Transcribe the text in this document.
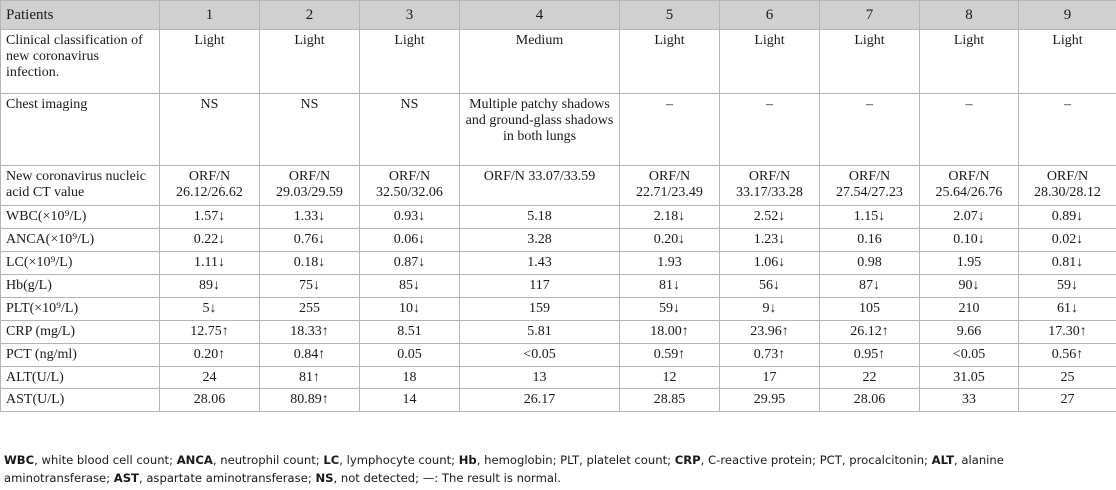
Patients	1	2	3	4	5	6	7	8	9
Clinical classification of new coronavirus infection.	Light	Light	Light	Medium	Light	Light	Light	Light	Light
Chest imaging	NS	NS	NS	Multiple patchy shadows and ground-glass shadows in both lungs	–	–	–	–	–
New coronavirus nucleic acid CT value	ORF/N 26.12/26.62	ORF/N 29.03/29.59	ORF/N 32.50/32.06	ORF/N 33.07/33.59	ORF/N 22.71/23.49	ORF/N 33.17/33.28	ORF/N 27.54/27.23	ORF/N 25.64/26.76	ORF/N 28.30/28.12
WBC(×10⁹/L)	1.57↓	1.33↓	0.93↓	5.18	2.18↓	2.52↓	1.15↓	2.07↓	0.89↓
ANCA(×10⁹/L)	0.22↓	0.76↓	0.06↓	3.28	0.20↓	1.23↓	0.16	0.10↓	0.02↓
LC(×10⁹/L)	1.11↓	0.18↓	0.87↓	1.43	1.93	1.06↓	0.98	1.95	0.81↓
Hb(g/L)	89↓	75↓	85↓	117	81↓	56↓	87↓	90↓	59↓
PLT(×10⁹/L)	5↓	255	10↓	159	59↓	9↓	105	210	61↓
CRP (mg/L)	12.75↑	18.33↑	8.51	5.81	18.00↑	23.96↑	26.12↑	9.66	17.30↑
PCT (ng/ml)	0.20↑	0.84↑	0.05	<0.05	0.59↑	0.73↑	0.95↑	<0.05	0.56↑
ALT(U/L)	24	81↑	18	13	12	17	22	31.05	25
AST(U/L)	28.06	80.89↑	14	26.17	28.85	29.95	28.06	33	27
WBC, white blood cell count; ANCA, neutrophil count; LC, lymphocyte count; Hb, hemoglobin; PLT, platelet count; CRP, C-reactive protein; PCT, procalcitonin; ALT, alanine aminotransferase; AST, aspartate aminotransferase; NS, not detected; —: The result is normal.
